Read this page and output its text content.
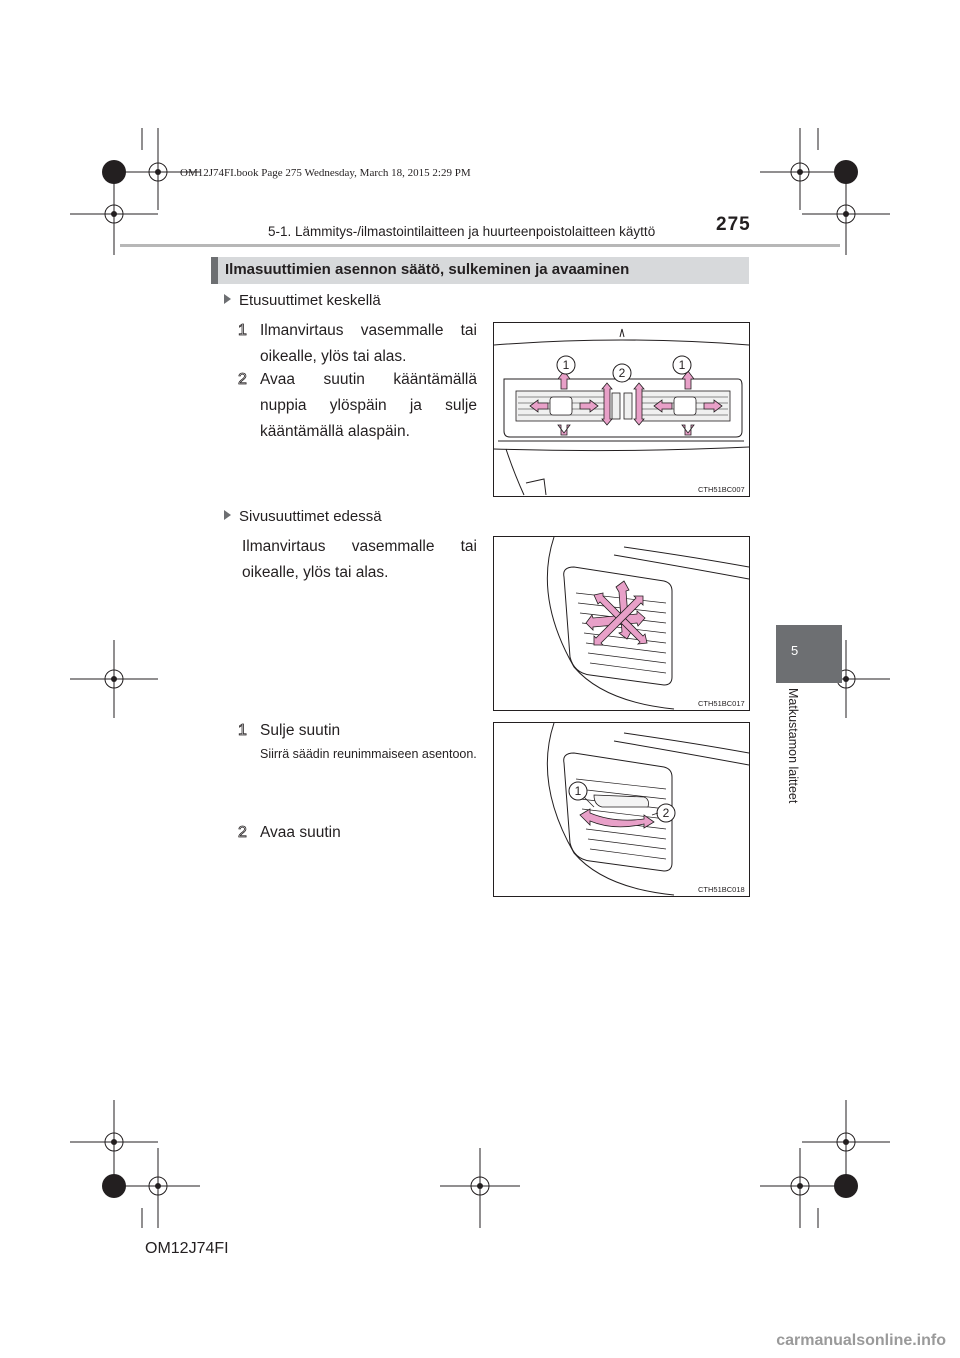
OM12J74FI.book Page 275 Wednesday, March 18, 2015 2:29 PM
5-1. Lämmitys-/ilmastointilaitteen ja huurteenpoistolaitteen käyttö	275
5
Matkustamon laitteet
Ilmasuuttimien asennon säätö, sulkeminen ja avaaminen
Etusuuttimet keskellä
1 Ilmanvirtaus vasemmalle tai oikealle, ylös tai alas.
2 Avaa suutin kääntämällä nuppia ylöspäin ja sulje kääntämällä alaspäin.
1
2
1
CTH51BC007
Sivusuuttimet edessä
Ilmanvirtaus vasemmalle tai oikealle, ylös tai alas.
CTH51BC017
1 Sulje suutin
Siirrä säädin reunimmaiseen asentoon.
2 Avaa suutin
1
2
CTH51BC018
OM12J74FI
carmanualsonline.info
